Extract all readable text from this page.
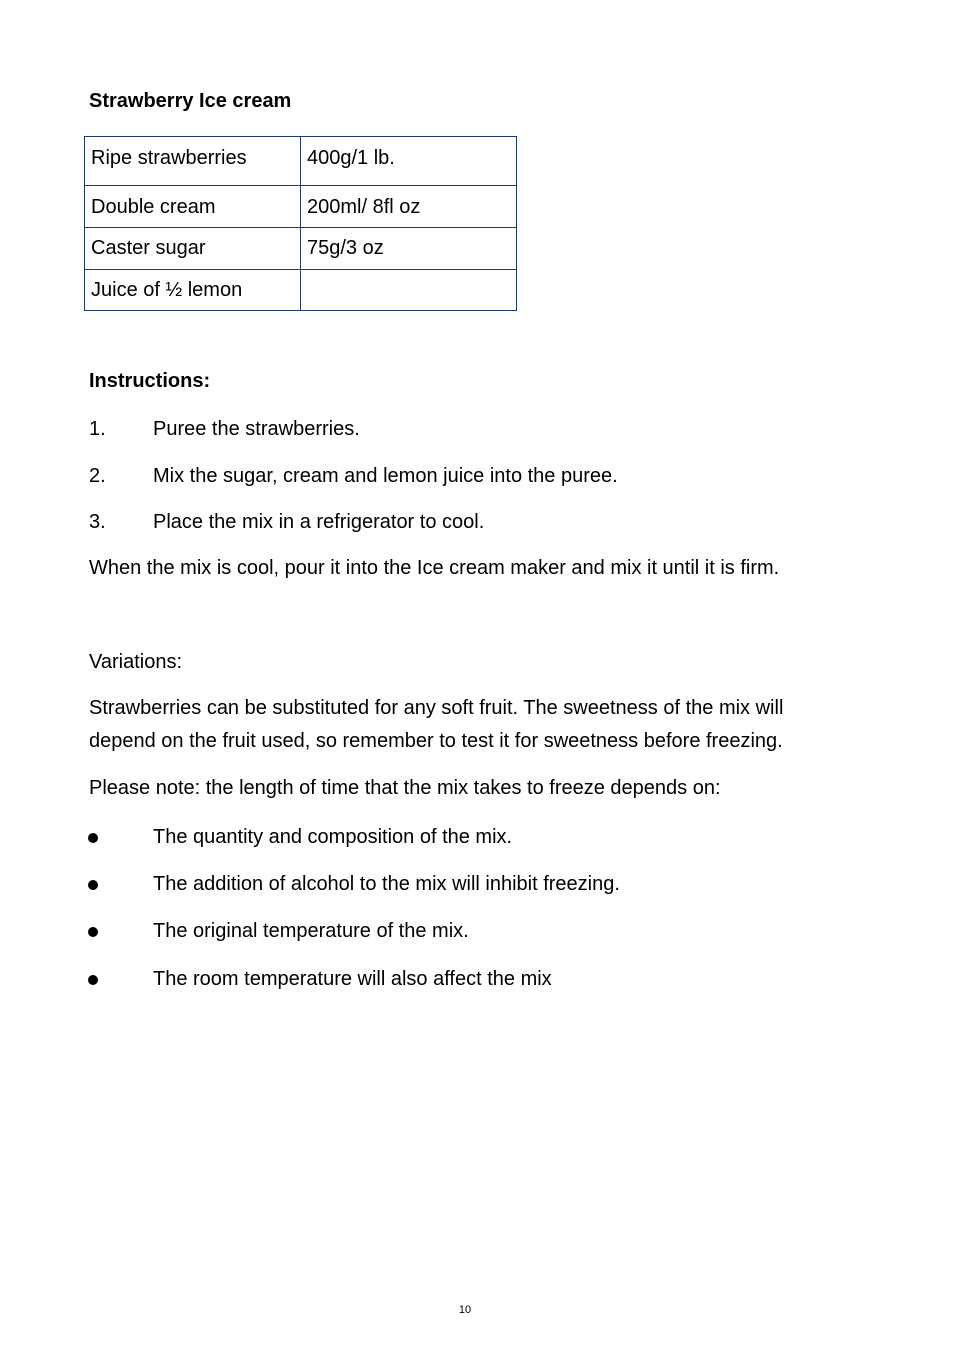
Strawberry Ice cream
Ripe strawberries	400g/1 lb.
Double cream	200ml/ 8fl oz
Caster sugar	75g/3 oz
Juice of ½ lemon	
Instructions:
1. Puree the strawberries.
2. Mix the sugar, cream and lemon juice into the puree.
3. Place the mix in a refrigerator to cool.
When the mix is cool, pour it into the Ice cream maker and mix it until it is firm.
Variations:
Strawberries can be substituted for any soft fruit. The sweetness of the mix will depend on the fruit used, so remember to test it for sweetness before freezing.
Please note: the length of time that the mix takes to freeze depends on:
The quantity and composition of the mix.
The addition of alcohol to the mix will inhibit freezing.
The original temperature of the mix.
The room temperature will also affect the mix
10
